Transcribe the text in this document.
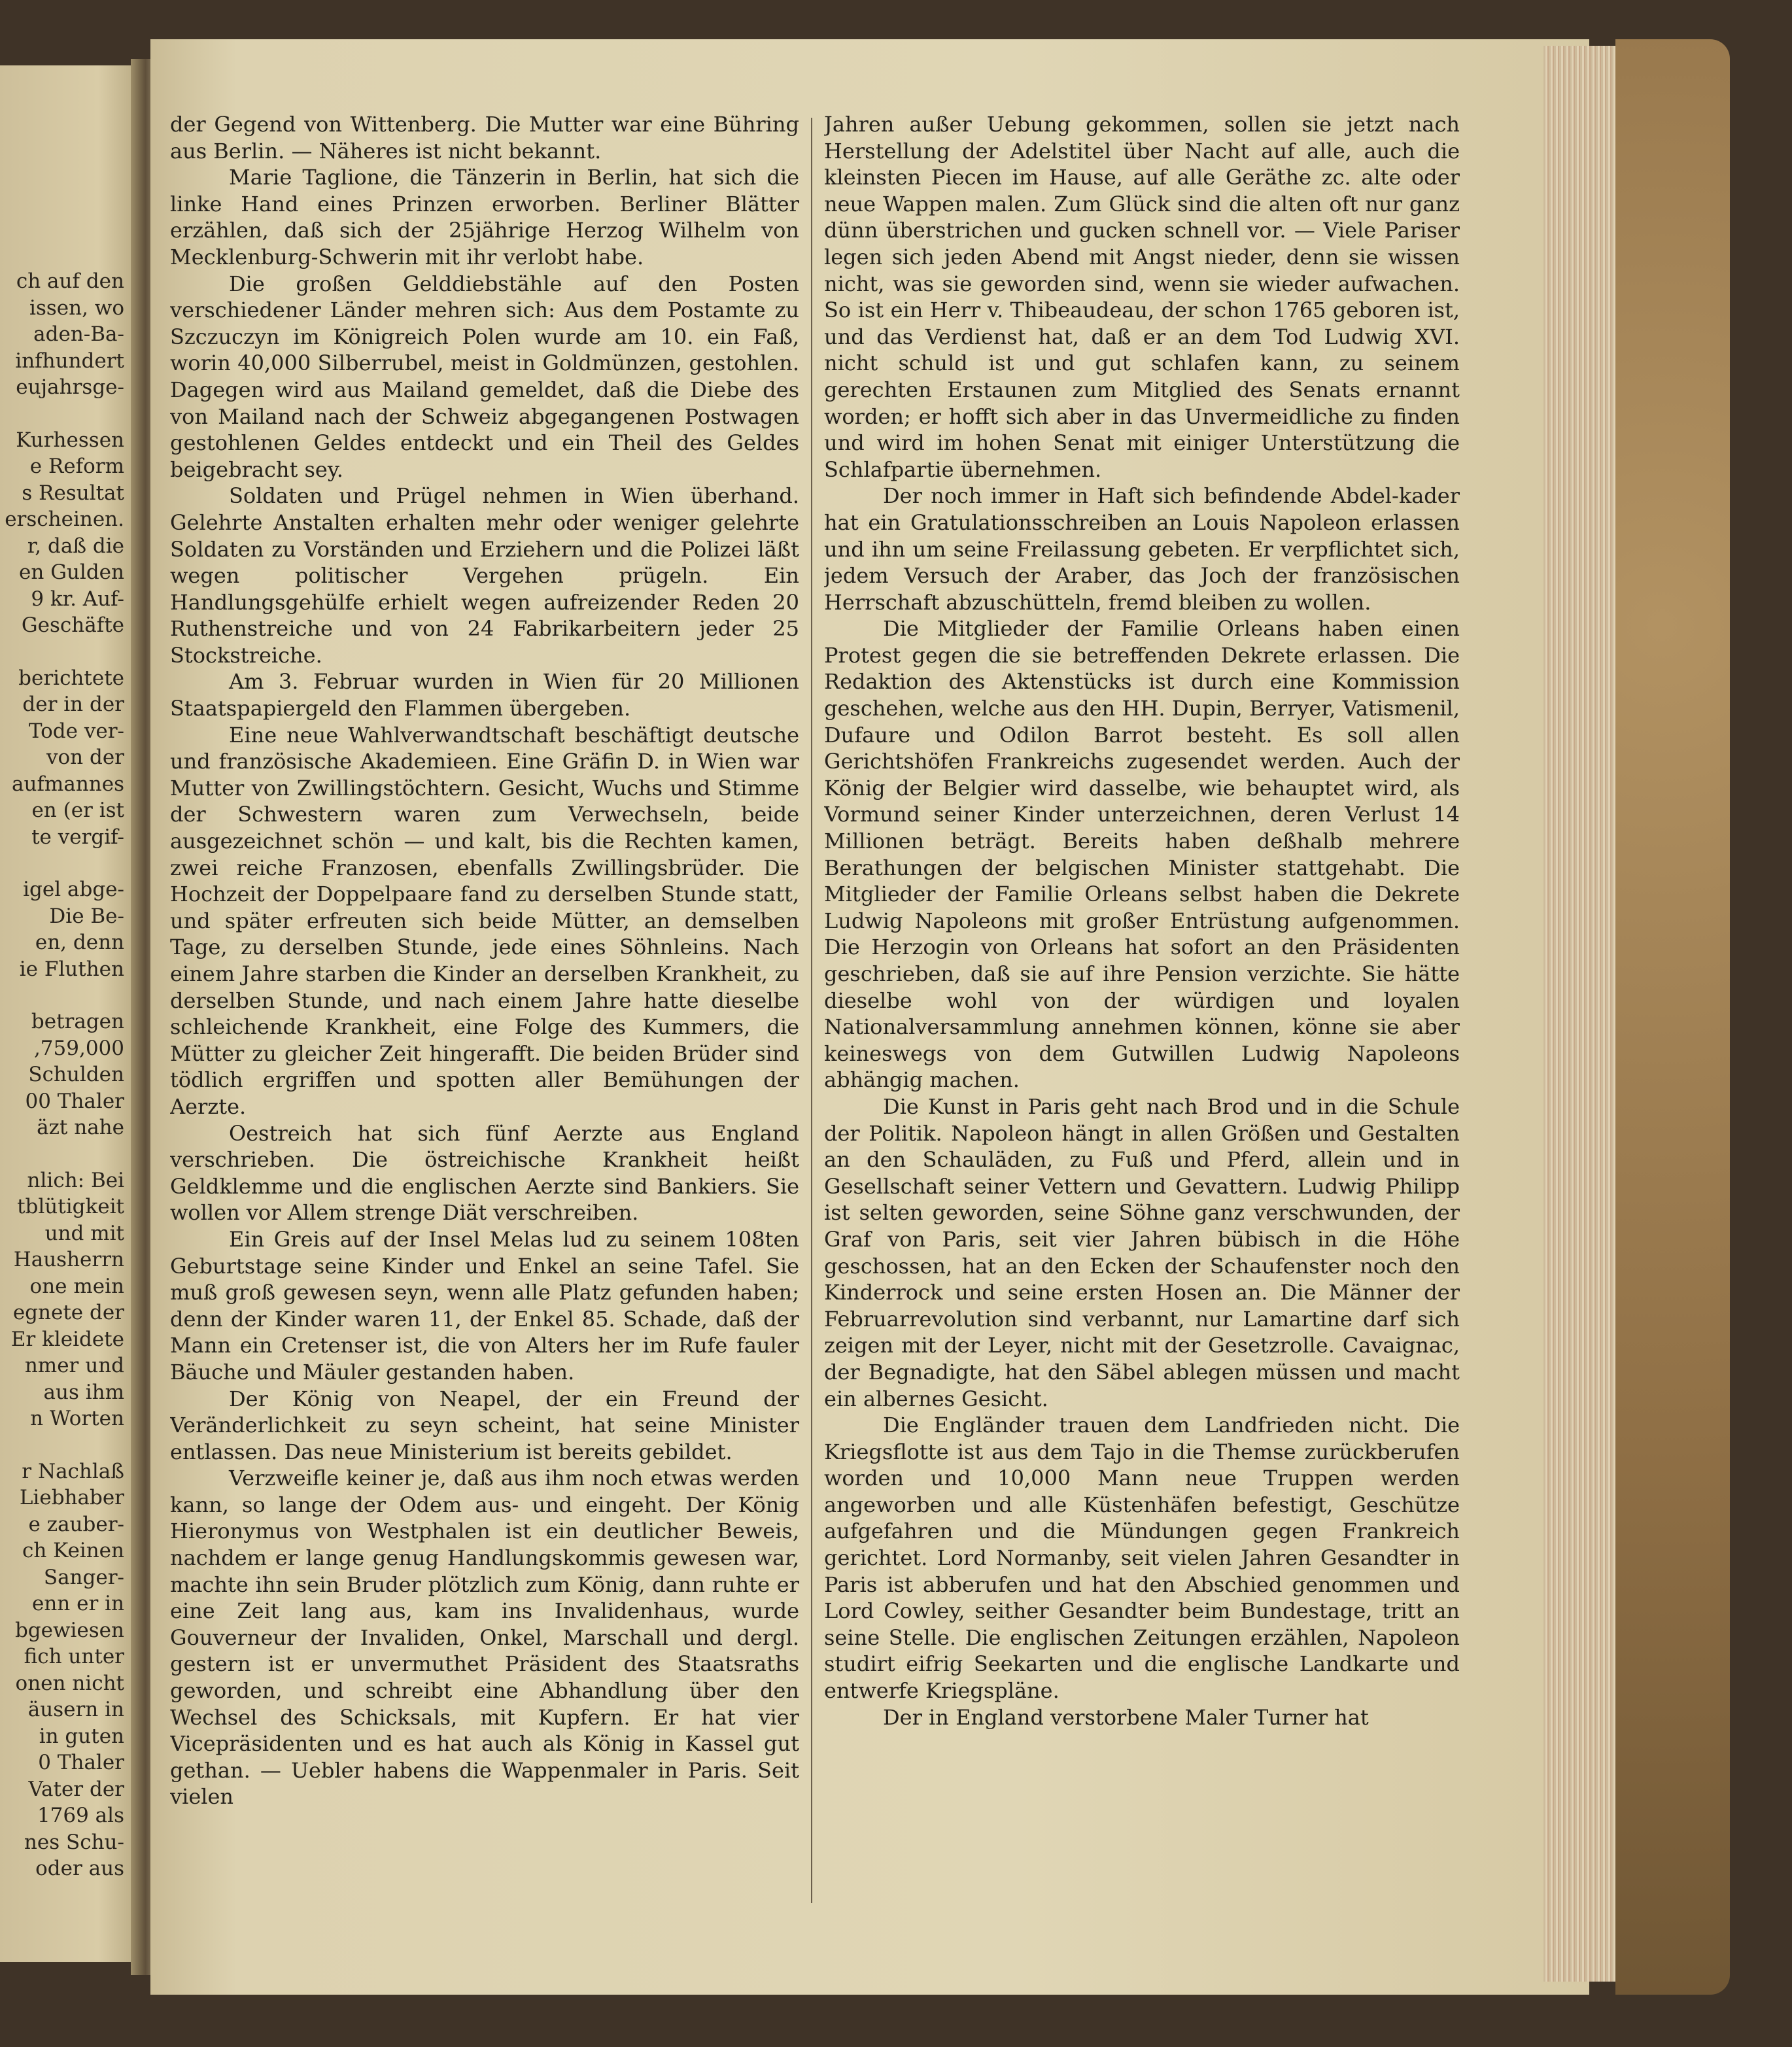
ch auf den
issen, wo
aden-Ba-
infhundert
eujahrsge-
Kurhessen
e Reform
s Resultat
erscheinen.
r, daß die
en Gulden
9 kr. Auf-
Geschäfte
berichtete
der in der
Tode ver-
von der
aufmannes
en (er ist
te vergif-
igel abge-
Die Be-
en, denn
ie Fluthen
betragen
,759,000
Schulden
00 Thaler
äzt nahe
nlich: Bei
tblütigkeit
und mit
Hausherrn
one mein
egnete der
Er kleidete
nmer und
aus ihm
n Worten
r Nachlaß
Liebhaber
e zauber-
ch Keinen
Sanger-
enn er in
bgewiesen
fich unter
onen nicht
äusern in
in guten
0 Thaler
Vater der
1769 als
nes Schu-
oder aus

der Gegend von Wittenberg. Die Mutter war eine Bühring aus Berlin. — Näheres ist nicht bekannt.

Marie Taglione, die Tänzerin in Berlin, hat sich die linke Hand eines Prinzen erworben. Berliner Blätter erzählen, daß sich der 25jährige Herzog Wilhelm von Mecklenburg-Schwerin mit ihr verlobt habe.

Die großen Gelddiebstähle auf den Posten verschiedener Länder mehren sich: Aus dem Postamte zu Szczuczyn im Königreich Polen wurde am 10. ein Faß, worin 40,000 Silberrubel, meist in Goldmünzen, gestohlen. Dagegen wird aus Mailand gemeldet, daß die Diebe des von Mailand nach der Schweiz abgegangenen Postwagen gestohlenen Geldes entdeckt und ein Theil des Geldes beigebracht sey.

Soldaten und Prügel nehmen in Wien überhand. Gelehrte Anstalten erhalten mehr oder weniger gelehrte Soldaten zu Vorständen und Erziehern und die Polizei läßt wegen politischer Vergehen prügeln. Ein Handlungsgehülfe erhielt wegen aufreizender Reden 20 Ruthenstreiche und von 24 Fabrikarbeitern jeder 25 Stockstreiche.

Am 3. Februar wurden in Wien für 20 Millionen Staatspapiergeld den Flammen übergeben.

Eine neue Wahlverwandtschaft beschäftigt deutsche und französische Akademieen. Eine Gräfin D. in Wien war Mutter von Zwillingstöchtern. Gesicht, Wuchs und Stimme der Schwestern waren zum Verwechseln, beide ausgezeichnet schön — und kalt, bis die Rechten kamen, zwei reiche Franzosen, ebenfalls Zwillingsbrüder. Die Hochzeit der Doppelpaare fand zu derselben Stunde statt, und später erfreuten sich beide Mütter, an demselben Tage, zu derselben Stunde, jede eines Söhnleins. Nach einem Jahre starben die Kinder an derselben Krankheit, zu derselben Stunde, und nach einem Jahre hatte dieselbe schleichende Krankheit, eine Folge des Kummers, die Mütter zu gleicher Zeit hingerafft. Die beiden Brüder sind tödlich ergriffen und spotten aller Bemühungen der Aerzte.

Oestreich hat sich fünf Aerzte aus England verschrieben. Die östreichische Krankheit heißt Geldklemme und die englischen Aerzte sind Bankiers. Sie wollen vor Allem strenge Diät verschreiben.

Ein Greis auf der Insel Melas lud zu seinem 108ten Geburtstage seine Kinder und Enkel an seine Tafel. Sie muß groß gewesen seyn, wenn alle Platz gefunden haben; denn der Kinder waren 11, der Enkel 85. Schade, daß der Mann ein Cretenser ist, die von Alters her im Rufe fauler Bäuche und Mäuler gestanden haben.

Der König von Neapel, der ein Freund der Veränderlichkeit zu seyn scheint, hat seine Minister entlassen. Das neue Ministerium ist bereits gebildet.

Verzweifle keiner je, daß aus ihm noch etwas werden kann, so lange der Odem aus- und eingeht. Der König Hieronymus von Westphalen ist ein deutlicher Beweis, nachdem er lange genug Handlungskommis gewesen war, machte ihn sein Bruder plötzlich zum König, dann ruhte er eine Zeit lang aus, kam ins Invalidenhaus, wurde Gouverneur der Invaliden, Onkel, Marschall und dergl. gestern ist er unvermuthet Präsident des Staatsraths geworden, und schreibt eine Abhandlung über den Wechsel des Schicksals, mit Kupfern. Er hat vier Vicepräsidenten und es hat auch als König in Kassel gut gethan. — Uebler habens die Wappenmaler in Paris. Seit vielen

Jahren außer Uebung gekommen, sollen sie jetzt nach Herstellung der Adelstitel über Nacht auf alle, auch die kleinsten Piecen im Hause, auf alle Geräthe zc. alte oder neue Wappen malen. Zum Glück sind die alten oft nur ganz dünn überstrichen und gucken schnell vor. — Viele Pariser legen sich jeden Abend mit Angst nieder, denn sie wissen nicht, was sie geworden sind, wenn sie wieder aufwachen. So ist ein Herr v. Thibeaudeau, der schon 1765 geboren ist, und das Verdienst hat, daß er an dem Tod Ludwig XVI. nicht schuld ist und gut schlafen kann, zu seinem gerechten Erstaunen zum Mitglied des Senats ernannt worden; er hofft sich aber in das Unvermeidliche zu finden und wird im hohen Senat mit einiger Unterstützung die Schlafpartie übernehmen.

Der noch immer in Haft sich befindende Abdel-kader hat ein Gratulationsschreiben an Louis Napoleon erlassen und ihn um seine Freilassung gebeten. Er verpflichtet sich, jedem Versuch der Araber, das Joch der französischen Herrschaft abzuschütteln, fremd bleiben zu wollen.

Die Mitglieder der Familie Orleans haben einen Protest gegen die sie betreffenden Dekrete erlassen. Die Redaktion des Aktenstücks ist durch eine Kommission geschehen, welche aus den HH. Dupin, Berryer, Vatismenil, Dufaure und Odilon Barrot besteht. Es soll allen Gerichtshöfen Frankreichs zugesendet werden. Auch der König der Belgier wird dasselbe, wie behauptet wird, als Vormund seiner Kinder unterzeichnen, deren Verlust 14 Millionen beträgt. Bereits haben deßhalb mehrere Berathungen der belgischen Minister stattgehabt. Die Mitglieder der Familie Orleans selbst haben die Dekrete Ludwig Napoleons mit großer Entrüstung aufgenommen. Die Herzogin von Orleans hat sofort an den Präsidenten geschrieben, daß sie auf ihre Pension verzichte. Sie hätte dieselbe wohl von der würdigen und loyalen Nationalversammlung annehmen können, könne sie aber keineswegs von dem Gutwillen Ludwig Napoleons abhängig machen.

Die Kunst in Paris geht nach Brod und in die Schule der Politik. Napoleon hängt in allen Größen und Gestalten an den Schauläden, zu Fuß und Pferd, allein und in Gesellschaft seiner Vettern und Gevattern. Ludwig Philipp ist selten geworden, seine Söhne ganz verschwunden, der Graf von Paris, seit vier Jahren bübisch in die Höhe geschossen, hat an den Ecken der Schaufenster noch den Kinderrock und seine ersten Hosen an. Die Männer der Februarrevolution sind verbannt, nur Lamartine darf sich zeigen mit der Leyer, nicht mit der Gesetzrolle. Cavaignac, der Begnadigte, hat den Säbel ablegen müssen und macht ein albernes Gesicht.

Die Engländer trauen dem Landfrieden nicht. Die Kriegsflotte ist aus dem Tajo in die Themse zurückberufen worden und 10,000 Mann neue Truppen werden angeworben und alle Küstenhäfen befestigt, Geschütze aufgefahren und die Mündungen gegen Frankreich gerichtet. Lord Normanby, seit vielen Jahren Gesandter in Paris ist abberufen und hat den Abschied genommen und Lord Cowley, seither Gesandter beim Bundestage, tritt an seine Stelle. Die englischen Zeitungen erzählen, Napoleon studirt eifrig Seekarten und die englische Landkarte und entwerfe Kriegspläne.

Der in England verstorbene Maler Turner hat
